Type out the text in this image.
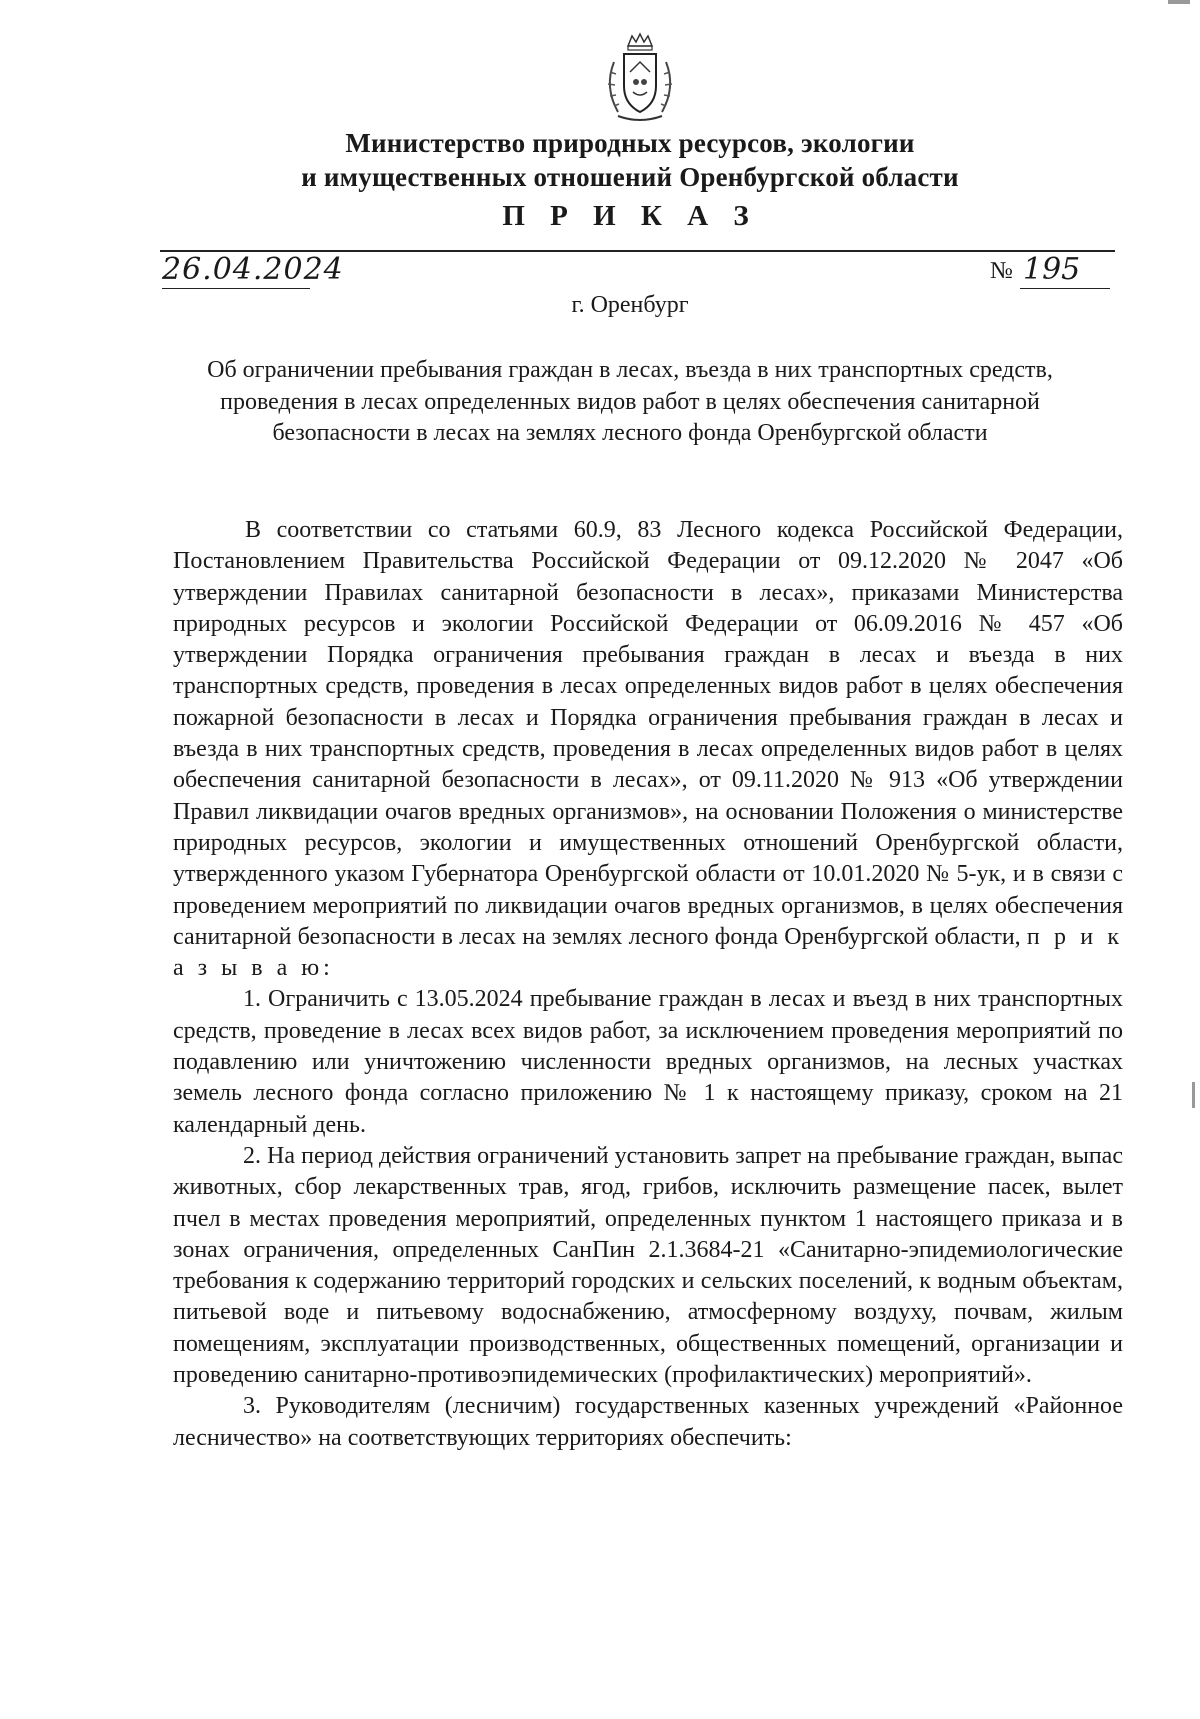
Министерство природных ресурсов, экологии
и имущественных отношений Оренбургской области
П Р И К А З
26.04.2024	№ 195
г. Оренбург
Об ограничении пребывания граждан в лесах, въезда в них транспортных средств, проведения в лесах определенных видов работ в целях обеспечения санитарной безопасности в лесах на землях лесного фонда Оренбургской области

В соответствии со статьями 60.9, 83 Лесного кодекса Российской Федерации, Постановлением Правительства Российской Федерации от 09.12.2020 № 2047 «Об утверждении Правилах санитарной безопасности в лесах», приказами Министерства природных ресурсов и экологии Российской Федерации от 06.09.2016 № 457 «Об утверждении Порядка ограничения пребывания граждан в лесах и въезда в них транспортных средств, проведения в лесах определенных видов работ в целях обеспечения пожарной безопасности в лесах и Порядка ограничения пребывания граждан в лесах и въезда в них транспортных средств, проведения в лесах определенных видов работ в целях обеспечения санитарной безопасности в лесах», от 09.11.2020 № 913 «Об утверждении Правил ликвидации очагов вредных организмов», на основании Положения о министерстве природных ресурсов, экологии и имущественных отношений Оренбургской области, утвержденного указом Губернатора Оренбургской области от 10.01.2020 № 5-ук, и в связи с проведением мероприятий по ликвидации очагов вредных организмов, в целях обеспечения санитарной безопасности в лесах на землях лесного фонда Оренбургской области, п р и к а з ы в а ю:

1. Ограничить с 13.05.2024 пребывание граждан в лесах и въезд в них транспортных средств, проведение в лесах всех видов работ, за исключением проведения мероприятий по подавлению или уничтожению численности вредных организмов, на лесных участках земель лесного фонда согласно приложению № 1 к настоящему приказу, сроком на 21 календарный день.

2. На период действия ограничений установить запрет на пребывание граждан, выпас животных, сбор лекарственных трав, ягод, грибов, исключить размещение пасек, вылет пчел в местах проведения мероприятий, определенных пунктом 1 настоящего приказа и в зонах ограничения, определенных СанПин 2.1.3684-21 «Санитарно-эпидемиологические требования к содержанию территорий городских и сельских поселений, к водным объектам, питьевой воде и питьевому водоснабжению, атмосферному воздуху, почвам, жилым помещениям, эксплуатации производственных, общественных помещений, организации и проведению санитарно-противоэпидемических (профилактических) мероприятий».

3. Руководителям (лесничим) государственных казенных учреждений «Районное лесничество» на соответствующих территориях обеспечить:
